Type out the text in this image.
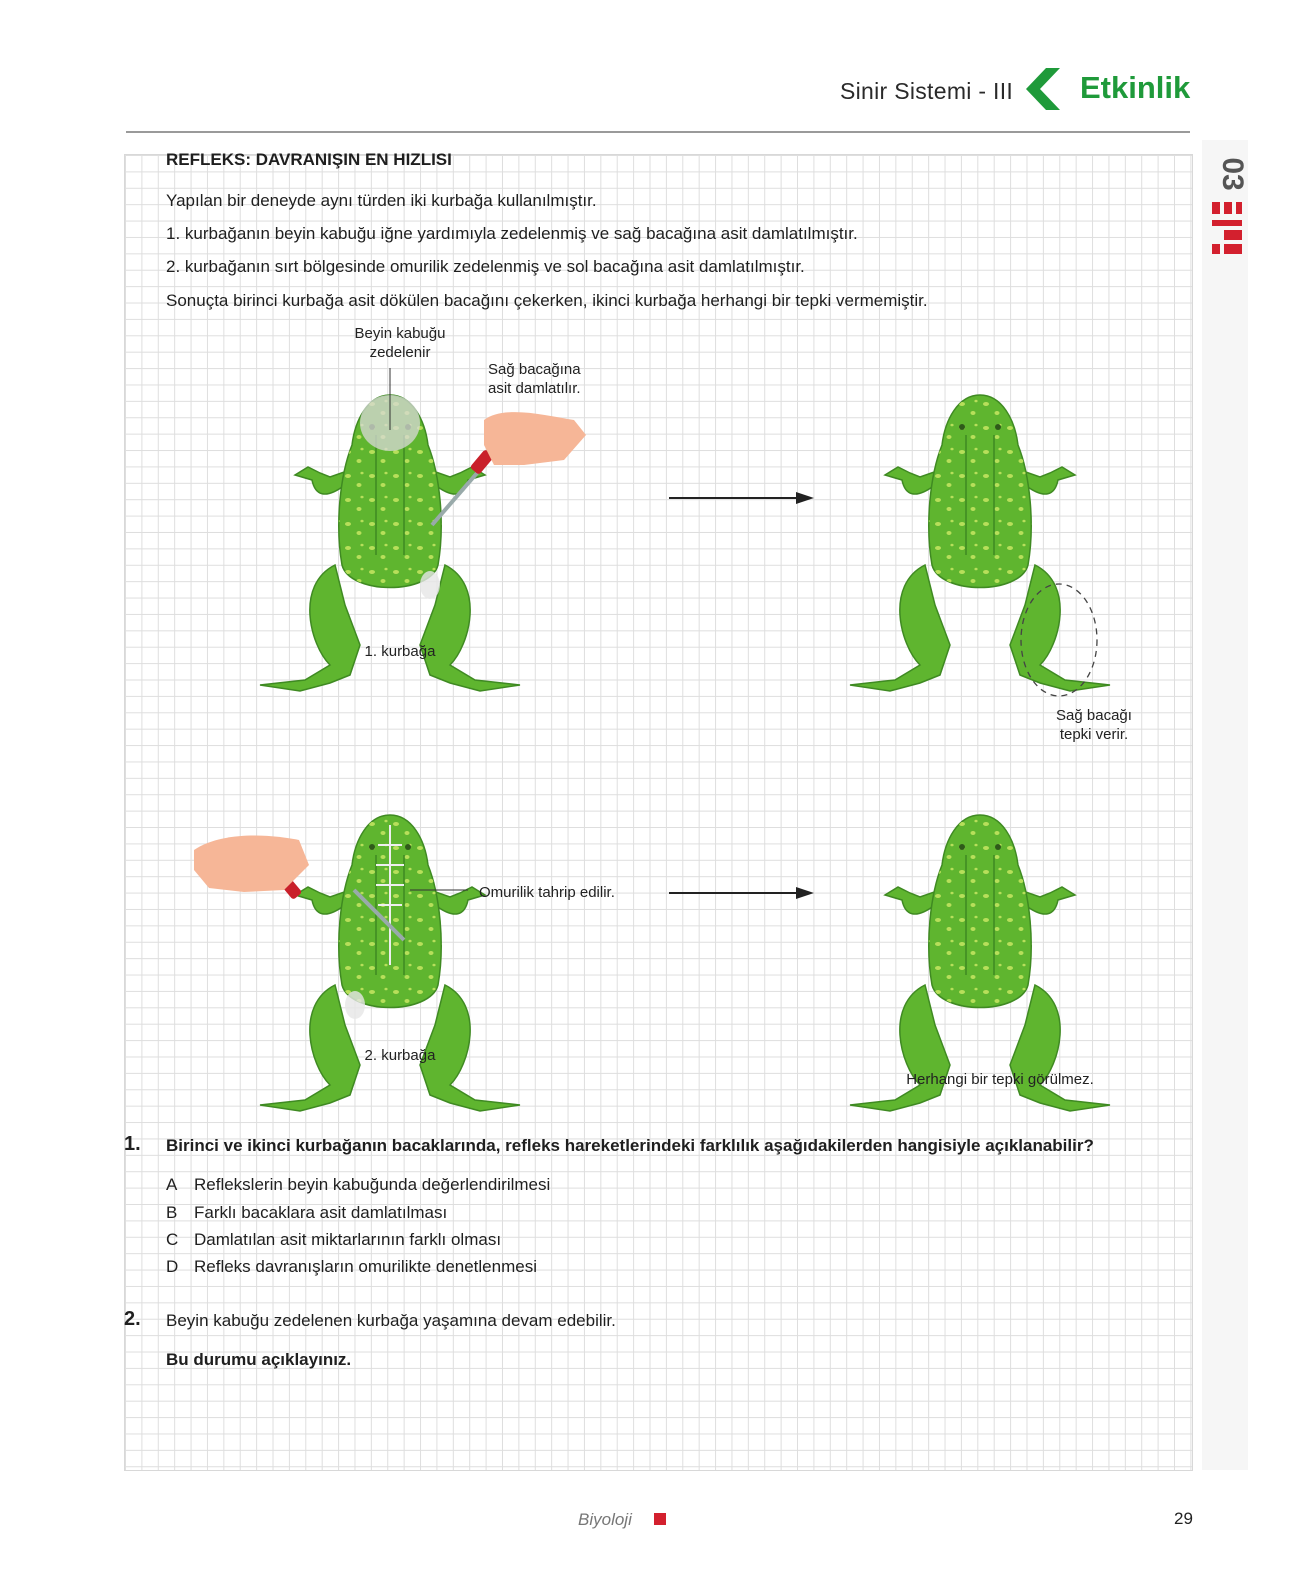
Sinir Sistemi - III Etkinlik
03
REFLEKS: DAVRANIŞIN EN HIZLISI
Yapılan bir deneyde aynı türden iki kurbağa kullanılmıştır.
1. kurbağanın beyin kabuğu iğne yardımıyla zedelenmiş ve sağ bacağına asit damlatılmıştır.
2. kurbağanın sırt bölgesinde omurilik zedelenmiş ve sol bacağına asit damlatılmıştır.
Sonuçta birinci kurbağa asit dökülen bacağını çekerken, ikinci kurbağa herhangi bir tepki vermemiştir.
Beyin kabuğu
zedelenir
Sağ bacağına
asit damlatılır.
1. kurbağa
Sağ bacağı
tepki verir.
Omurilik tahrip edilir.
2. kurbağa
Herhangi bir tepki görülmez.
1. Birinci ve ikinci kurbağanın bacaklarında, refleks hareketlerindeki farklılık aşağıdakilerden hangisiyle açıklanabilir?
A Reflekslerin beyin kabuğunda değerlendirilmesi
B Farklı bacaklara asit damlatılması
C Damlatılan asit miktarlarının farklı olması
D Refleks davranışların omurilikte denetlenmesi
2. Beyin kabuğu zedelenen kurbağa yaşamına devam edebilir.
Bu durumu açıklayınız.
Biyoloji	29
